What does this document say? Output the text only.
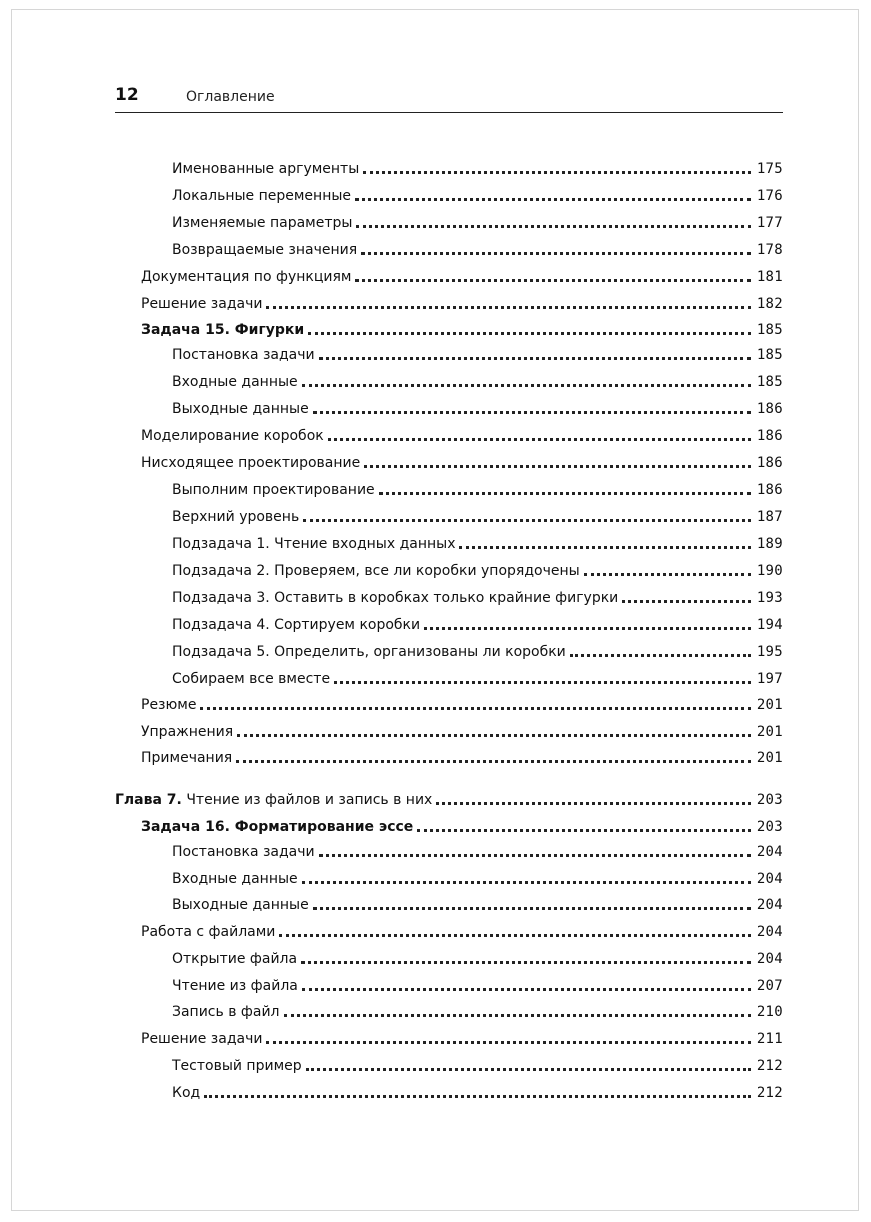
12	Оглавление
Именованные аргументы	175
Локальные переменные	176
Изменяемые параметры	177
Возвращаемые значения	178
Документация по функциям	181
Решение задачи	182
Задача 15. Фигурки	185
Постановка задачи	185
Входные данные	185
Выходные данные	186
Моделирование коробок	186
Нисходящее проектирование	186
Выполним проектирование	186
Верхний уровень	187
Подзадача 1. Чтение входных данных	189
Подзадача 2. Проверяем, все ли коробки упорядочены	190
Подзадача 3. Оставить в коробках только крайние фигурки	193
Подзадача 4. Сортируем коробки	194
Подзадача 5. Определить, организованы ли коробки	195
Собираем все вместе	197
Резюме	201
Упражнения	201
Примечания	201
Глава 7. Чтение из файлов и запись в них	203
Задача 16. Форматирование эссе	203
Постановка задачи	204
Входные данные	204
Выходные данные	204
Работа с файлами	204
Открытие файла	204
Чтение из файла	207
Запись в файл	210
Решение задачи	211
Тестовый пример	212
Код	212
